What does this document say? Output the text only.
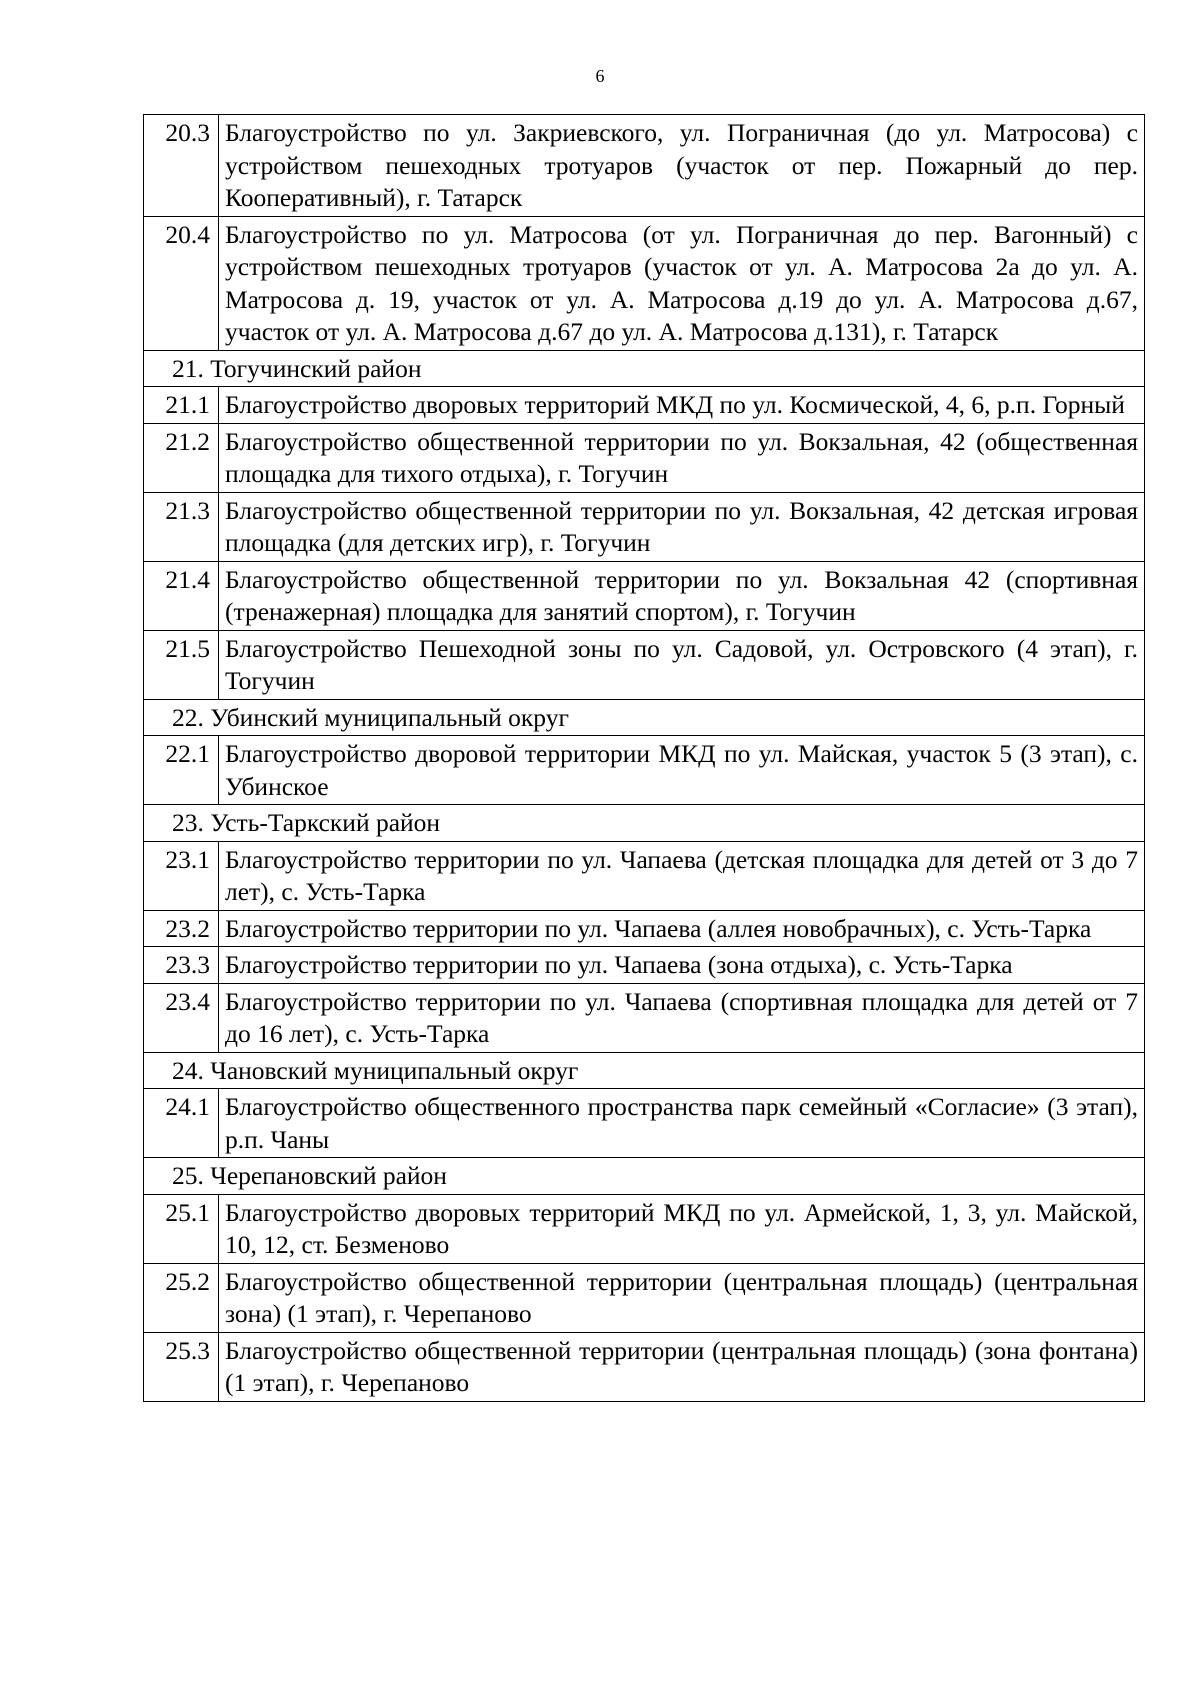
6
20.3	Благоустройство по ул. Закриевского, ул. Пограничная (до ул. Матросова) с устройством пешеходных тротуаров (участок от пер. Пожарный до пер. Кооперативный), г. Татарск
20.4	Благоустройство по ул. Матросова (от ул. Пограничная до пер. Вагонный) с устройством пешеходных тротуаров (участок от ул. А. Матросова 2а до ул. А. Матросова д. 19, участок от ул. А. Матросова д.19 до ул. А. Матросова д.67, участок от ул. А. Матросова д.67 до ул. А. Матросова д.131), г. Татарск
21. Тогучинский район	
21.1	Благоустройство дворовых территорий МКД по ул. Космической, 4, 6, р.п. Горный
21.2	Благоустройство общественной территории по ул. Вокзальная, 42 (общественная площадка для тихого отдыха), г. Тогучин
21.3	Благоустройство общественной территории по ул. Вокзальная, 42 детская игровая площадка (для детских игр), г. Тогучин
21.4	Благоустройство общественной территории по ул. Вокзальная 42 (спортивная (тренажерная) площадка для занятий спортом), г. Тогучин
21.5	Благоустройство Пешеходной зоны по ул. Садовой, ул. Островского (4 этап), г. Тогучин
22. Убинский муниципальный округ	
22.1	Благоустройство дворовой территории МКД по ул. Майская, участок 5 (3 этап), с. Убинское
23. Усть-Таркский район	
23.1	Благоустройство территории по ул. Чапаева (детская площадка для детей от 3 до 7 лет), с. Усть-Тарка
23.2	Благоустройство территории по ул. Чапаева (аллея новобрачных), с. Усть-Тарка
23.3	Благоустройство территории по ул. Чапаева (зона отдыха), с. Усть-Тарка
23.4	Благоустройство территории по ул. Чапаева (спортивная площадка для детей от 7 до 16 лет), с. Усть-Тарка
24. Чановский муниципальный округ	
24.1	Благоустройство общественного пространства парк семейный «Согласие» (3 этап), р.п. Чаны
25. Черепановский район	
25.1	Благоустройство дворовых территорий МКД по ул. Армейской, 1, 3, ул. Майской, 10, 12, ст. Безменово
25.2	Благоустройство общественной территории (центральная площадь) (центральная зона) (1 этап), г. Черепаново
25.3	Благоустройство общественной территории (центральная площадь) (зона фонтана) (1 этап), г. Черепаново
